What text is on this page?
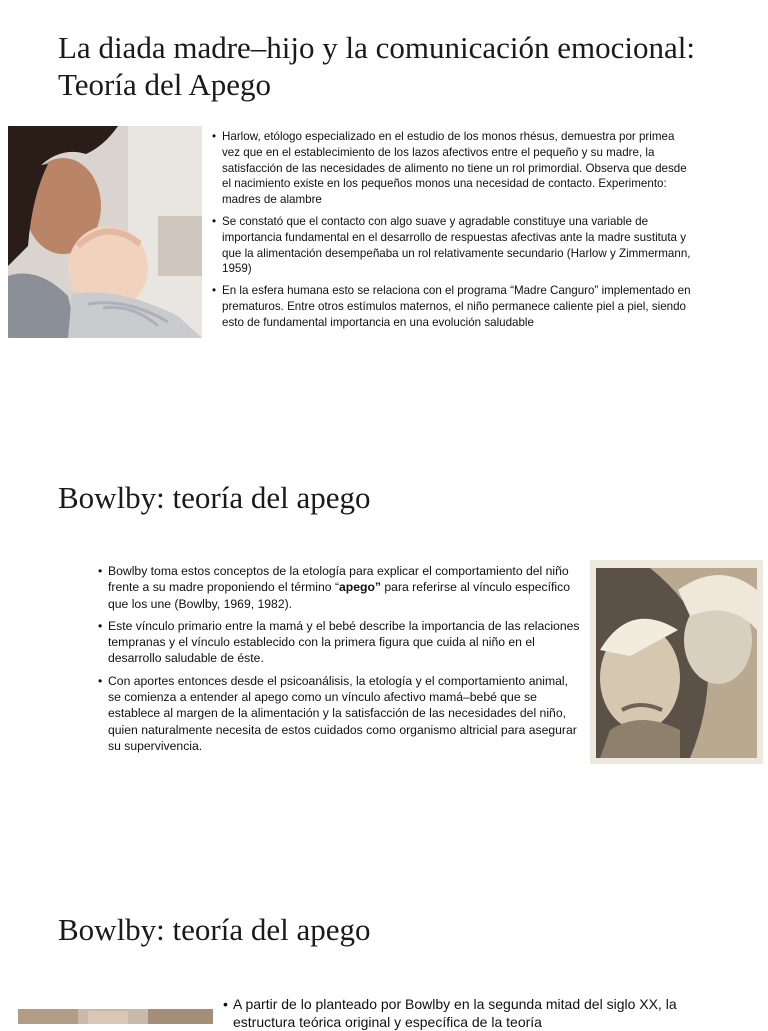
La diada madre–hijo y la comunicación emocional: Teoría del Apego
• Harlow, etólogo especializado en el estudio de los monos rhésus, demuestra por primea vez que en el establecimiento de los lazos afectivos entre el pequeño y su madre, la satisfacción de las necesidades de alimento no tiene un rol primordial. Observa que desde el nacimiento existe en los pequeños monos una necesidad de contacto. Experimento: madres de alambre
• Se constató que el contacto con algo suave y agradable constituye una variable de importancia fundamental en el desarrollo de respuestas afectivas ante la madre sustituta y que la alimentación desempeñaba un rol relativamente secundario (Harlow y Zimmermann, 1959)
• En la esfera humana esto se relaciona con el programa “Madre Canguro” implementado en prematuros. Entre otros estímulos maternos, el niño permanece caliente piel a piel, siendo esto de fundamental importancia en una evolución saludable
Bowlby: teoría del apego
• Bowlby toma estos conceptos de la etología para explicar el comportamiento del niño frente a su madre proponiendo el término “apego” para referirse al vínculo específico que los une (Bowlby, 1969, 1982).
• Este vínculo primario entre la mamá y el bebé describe la importancia de las relaciones tempranas y el vínculo establecido con la primera figura que cuida al niño en el desarrollo saludable de éste.
• Con aportes entonces desde el psicoanálisis, la etología y el comportamiento animal, se comienza a entender al apego como un vínculo afectivo mamá–bebé que se establece al margen de la alimentación y la satisfacción de las necesidades del niño, quien naturalmente necesita de estos cuidados como organismo altricial para asegurar su supervivencia.
Bowlby: teoría del apego
• A partir de lo planteado por Bowlby en la segunda mitad del siglo XX, la estructura teórica original y específica de la teoría
